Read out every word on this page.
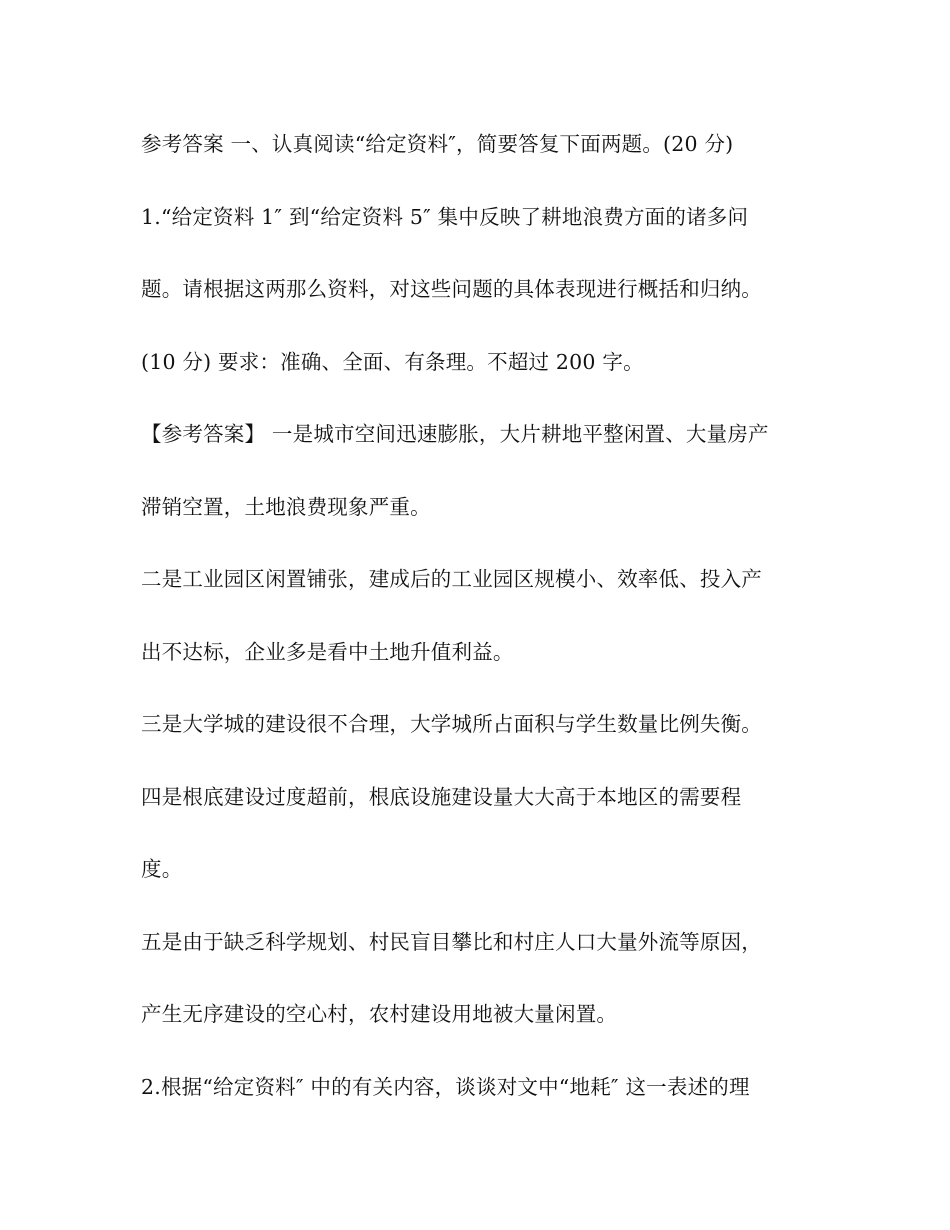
参考答案 一、认真阅读“给定资料″，简要答复下面两题。(20 分)
1.“给定资料 1″ 到“给定资料 5″ 集中反映了耕地浪费方面的诸多问
题。请根据这两那么资料，对这些问题的具体表现进行概括和归纳。
(10 分) 要求：准确、全面、有条理。不超过 200 字。
【参考答案】 一是城市空间迅速膨胀，大片耕地平整闲置、大量房产
滞销空置，土地浪费现象严重。
二是工业园区闲置铺张，建成后的工业园区规模小、效率低、投入产
出不达标，企业多是看中土地升值利益。
三是大学城的建设很不合理，大学城所占面积与学生数量比例失衡。
四是根底建设过度超前，根底设施建设量大大高于本地区的需要程
度。
五是由于缺乏科学规划、村民盲目攀比和村庄人口大量外流等原因，
产生无序建设的空心村，农村建设用地被大量闲置。
2.根据“给定资料″ 中的有关内容，谈谈对文中“地耗″ 这一表述的理
